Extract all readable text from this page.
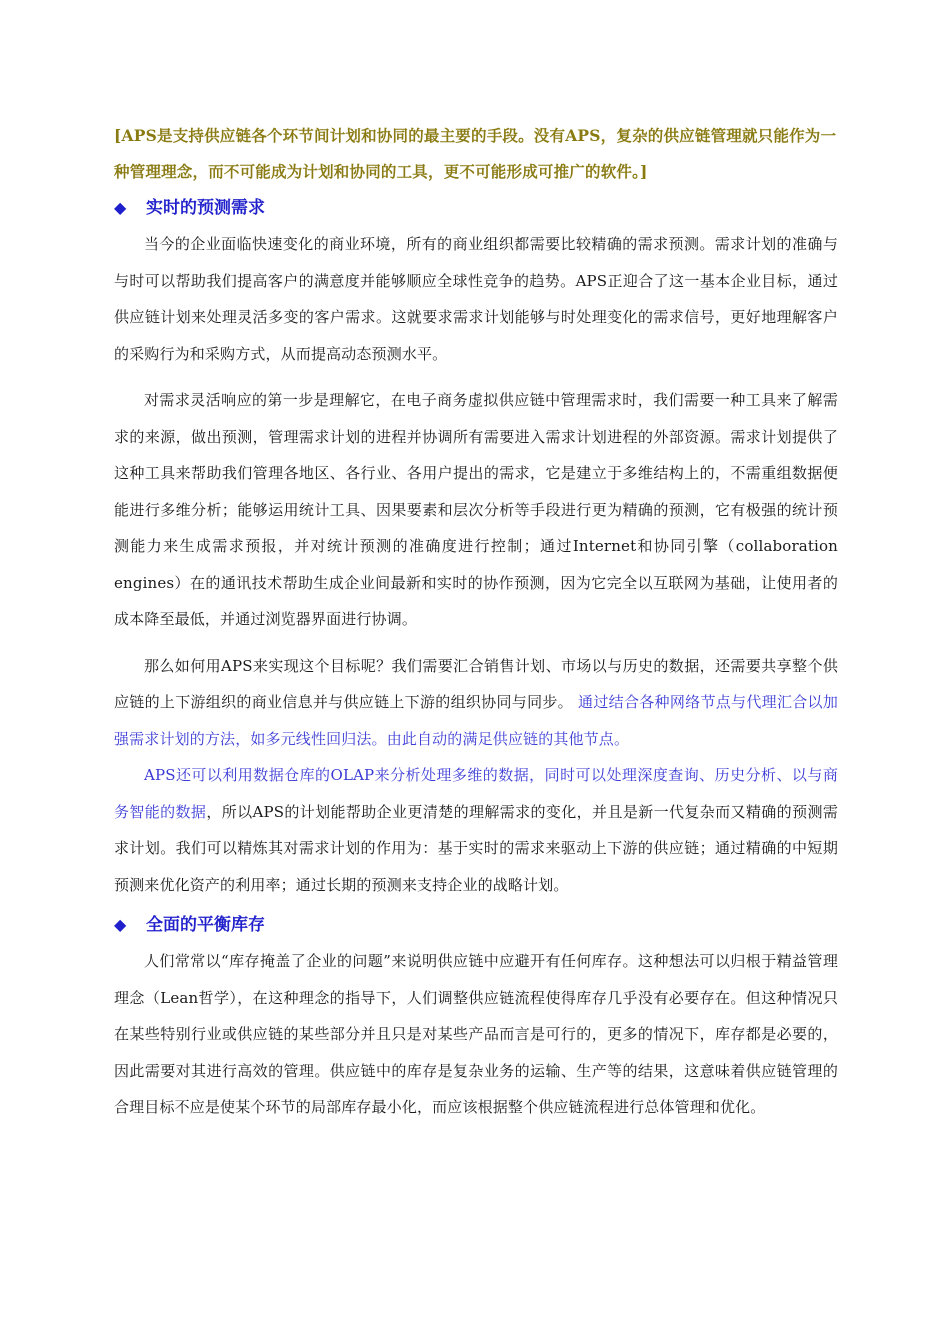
[APS是支持供应链各个环节间计划和协同的最主要的手段。没有APS，复杂的供应链管理就只能作为一种管理理念，而不可能成为计划和协同的工具，更不可能形成可推广的软件。]

◆	实时的预测需求

当今的企业面临快速变化的商业环境，所有的商业组织都需要比较精确的需求预测。需求计划的准确与与时可以帮助我们提高客户的满意度并能够顺应全球性竞争的趋势。APS正迎合了这一基本企业目标，通过供应链计划来处理灵活多变的客户需求。这就要求需求计划能够与时处理变化的需求信号，更好地理解客户的采购行为和采购方式，从而提高动态预测水平。

对需求灵活响应的第一步是理解它，在电子商务虚拟供应链中管理需求时，我们需要一种工具来了解需求的来源，做出预测，管理需求计划的进程并协调所有需要进入需求计划进程的外部资源。需求计划提供了这种工具来帮助我们管理各地区、各行业、各用户提出的需求，它是建立于多维结构上的，不需重组数据便能进行多维分析；能够运用统计工具、因果要素和层次分析等手段进行更为精确的预测，它有极强的统计预测能力来生成需求预报，并对统计预测的准确度进行控制；通过Internet和协同引擎（collaboration engines）在的通讯技术帮助生成企业间最新和实时的协作预测，因为它完全以互联网为基础，让使用者的成本降至最低，并通过浏览器界面进行协调。

那么如何用APS来实现这个目标呢？我们需要汇合销售计划、市场以与历史的数据，还需要共享整个供应链的上下游组织的商业信息并与供应链上下游的组织协同与同步。 通过结合各种网络节点与代理汇合以加强需求计划的方法，如多元线性回归法。由此自动的满足供应链的其他节点。

APS还可以利用数据仓库的OLAP来分析处理多维的数据，同时可以处理深度查询、历史分析、以与商务智能的数据，所以APS的计划能帮助企业更清楚的理解需求的变化，并且是新一代复杂而又精确的预测需求计划。我们可以精炼其对需求计划的作用为：基于实时的需求来驱动上下游的供应链；通过精确的中短期预测来优化资产的利用率；通过长期的预测来支持企业的战略计划。

◆	全面的平衡库存

人们常常以“库存掩盖了企业的问题”来说明供应链中应避开有任何库存。这种想法可以归根于精益管理理念（Lean哲学），在这种理念的指导下，人们调整供应链流程使得库存几乎没有必要存在。但这种情况只在某些特别行业或供应链的某些部分并且只是对某些产品而言是可行的，更多的情况下，库存都是必要的，因此需要对其进行高效的管理。供应链中的库存是复杂业务的运输、生产等的结果，这意味着供应链管理的合理目标不应是使某个环节的局部库存最小化，而应该根据整个供应链流程进行总体管理和优化。
